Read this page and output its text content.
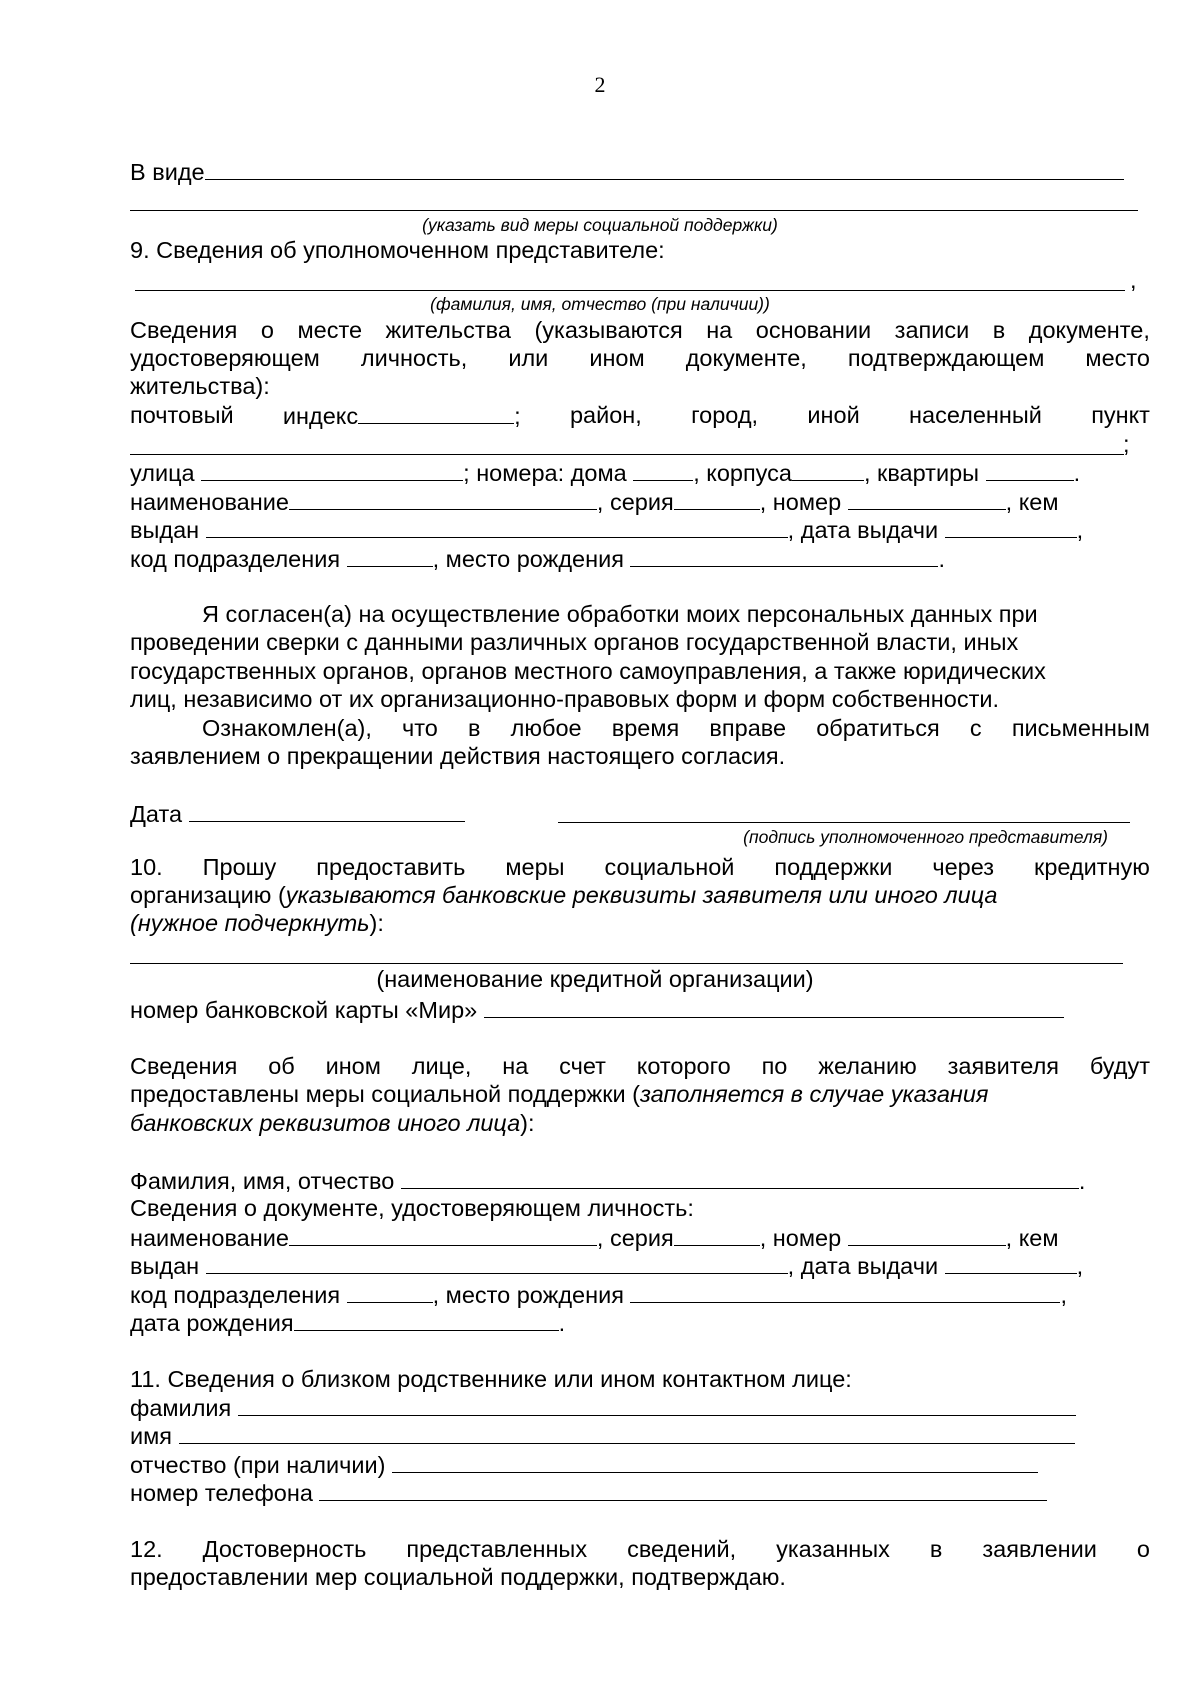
2
В виде
(указать вид меры социальной поддержки)
9. Сведения об уполномоченном представителе:
,
(фамилия, имя, отчество (при наличии))
Сведения о месте жительства (указываются на основании записи в документе,
удостоверяющем личность, или ином документе, подтверждающем место
жительства):
почтовый индекс	; район, город, иной населенный пункт
;
улица	; номера: дома	, корпуса	, квартиры	.
наименование	, серия	, номер	, кем
выдан	, дата выдачи	,
код подразделения	, место рождения	.
Я согласен(а) на осуществление обработки моих персональных данных при
проведении сверки с данными различных органов государственной власти, иных
государственных органов, органов местного самоуправления, а также юридических
лиц, независимо от их организационно-правовых форм и форм собственности.
Ознакомлен(а), что в любое время вправе обратиться с письменным
заявлением о прекращении действия настоящего согласия.
Дата
(подпись уполномоченного представителя)
10. Прошу предоставить меры социальной поддержки через кредитную
организацию (указываются банковские реквизиты заявителя или иного лица
(нужное подчеркнуть):
(наименование кредитной организации)
номер банковской карты «Мир»
Сведения об ином лице, на счет которого по желанию заявителя будут
предоставлены меры социальной поддержки (заполняется в случае указания
банковских реквизитов иного лица):
Фамилия, имя, отчество	.
Сведения о документе, удостоверяющем личность:
наименование	, серия	, номер	, кем
выдан	, дата выдачи	,
код подразделения	, место рождения	,
дата рождения	.
11. Сведения о близком родственнике или ином контактном лице:
фамилия
имя
отчество (при наличии)
номер телефона
12. Достоверность представленных сведений, указанных в заявлении о
предоставлении мер социальной поддержки, подтверждаю.
